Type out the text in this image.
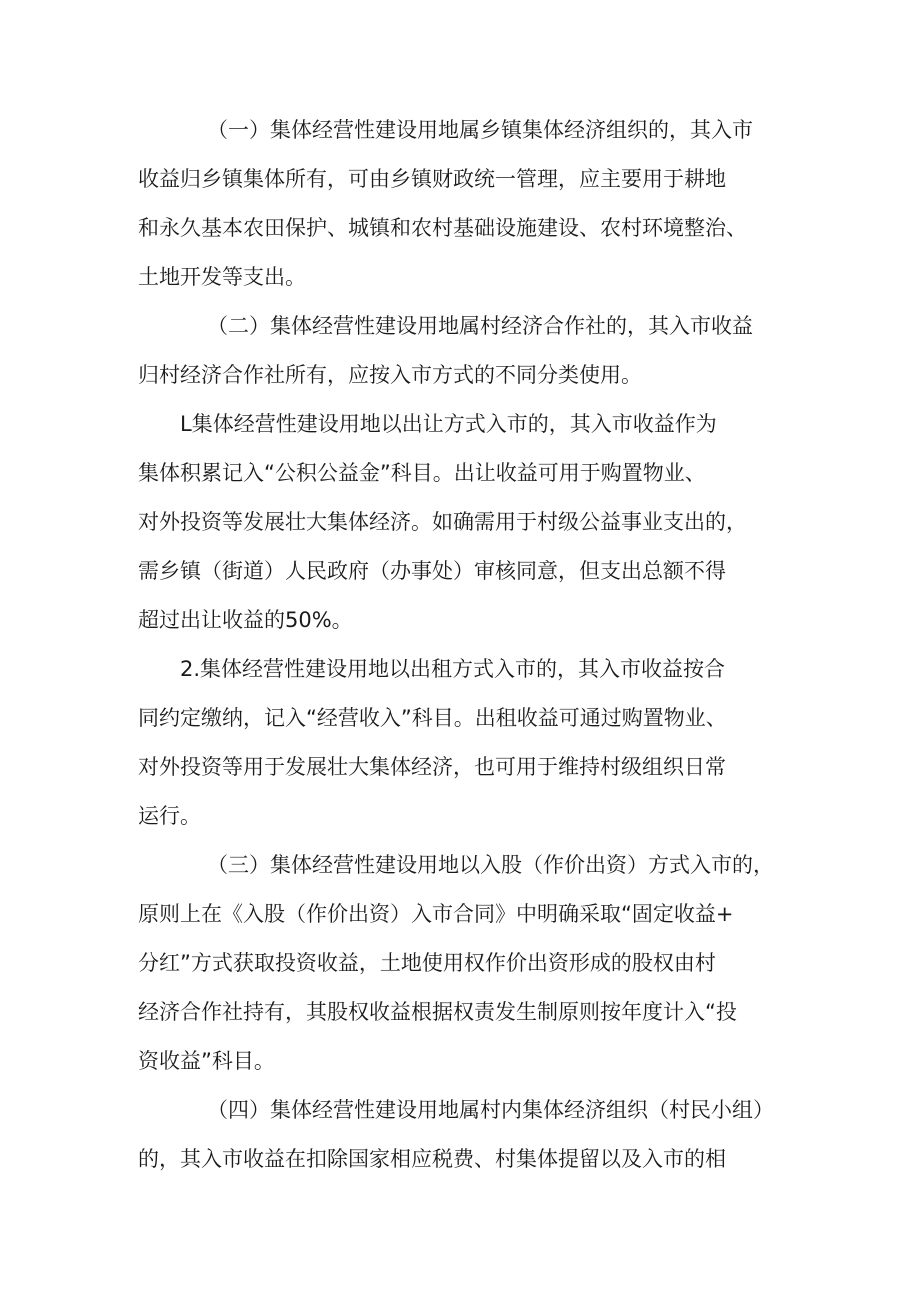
（一）集体经营性建设用地属乡镇集体经济组织的，其入市
收益归乡镇集体所有，可由乡镇财政统一管理，应主要用于耕地
和永久基本农田保护、城镇和农村基础设施建设、农村环境整治、
土地开发等支出。
（二）集体经营性建设用地属村经济合作社的，其入市收益
归村经济合作社所有，应按入市方式的不同分类使用。
L集体经营性建设用地以出让方式入市的，其入市收益作为
集体积累记入“公积公益金”科目。出让收益可用于购置物业、
对外投资等发展壮大集体经济。如确需用于村级公益事业支出的，
需乡镇（街道）人民政府（办事处）审核同意，但支出总额不得
超过出让收益的50%。
2.集体经营性建设用地以出租方式入市的，其入市收益按合
同约定缴纳，记入“经营收入”科目。出租收益可通过购置物业、
对外投资等用于发展壮大集体经济，也可用于维持村级组织日常
运行。
（三）集体经营性建设用地以入股（作价出资）方式入市的，
原则上在《入股（作价出资）入市合同》中明确采取“固定收益+
分红”方式获取投资收益，土地使用权作价出资形成的股权由村
经济合作社持有，其股权收益根据权责发生制原则按年度计入“投
资收益”科目。
（四）集体经营性建设用地属村内集体经济组织（村民小组）
的，其入市收益在扣除国家相应税费、村集体提留以及入市的相
